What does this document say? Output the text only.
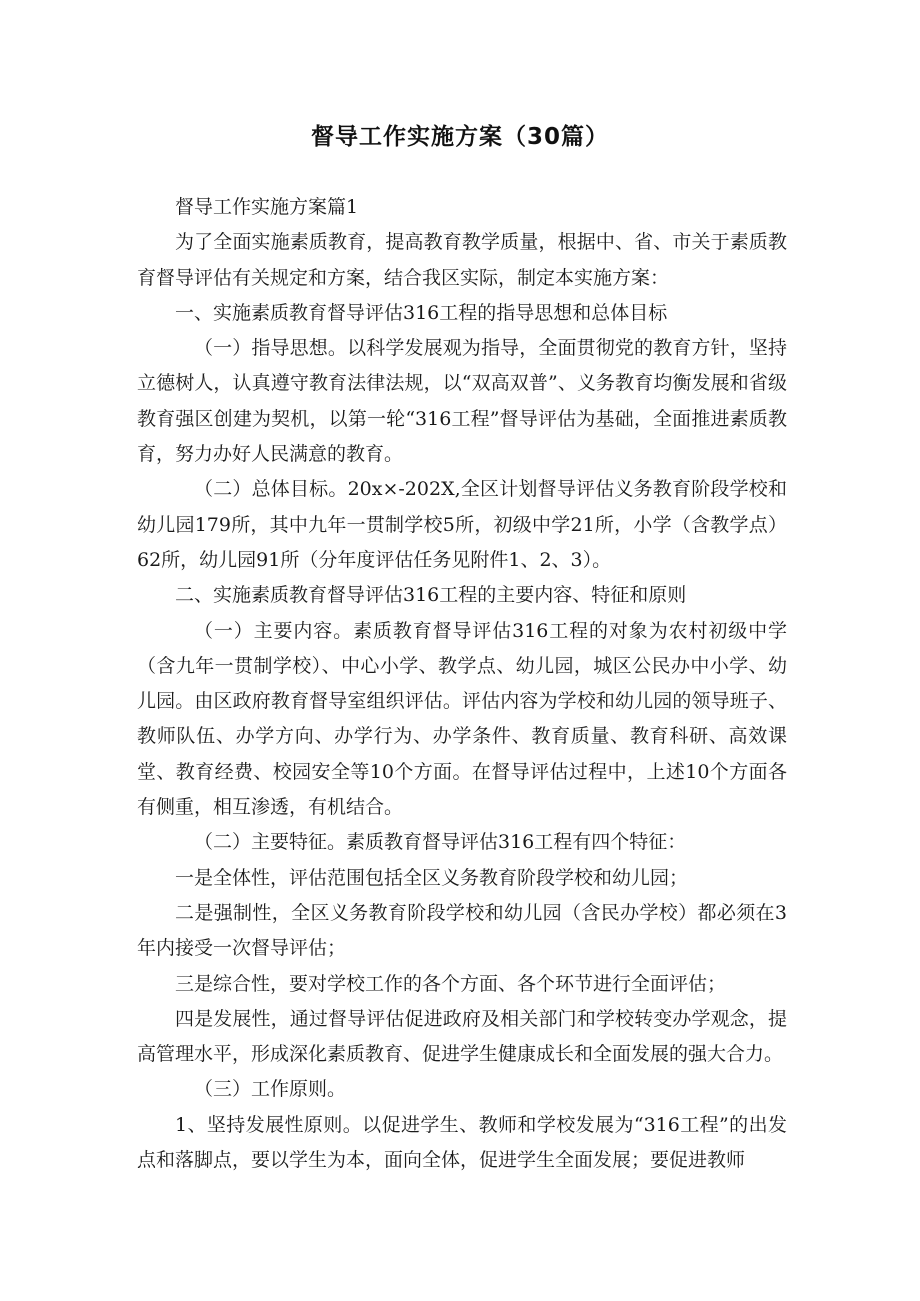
督导工作实施方案（30篇）

督导工作实施方案篇1

为了全面实施素质教育，提高教育教学质量，根据中、省、市关于素质教育督导评估有关规定和方案，结合我区实际，制定本实施方案：

一、实施素质教育督导评估316工程的指导思想和总体目标

（一）指导思想。以科学发展观为指导，全面贯彻党的教育方针，坚持立德树人，认真遵守教育法律法规，以“双高双普”、义务教育均衡发展和省级教育强区创建为契机，以第一轮“316工程”督导评估为基础，全面推进素质教育，努力办好人民满意的教育。

（二）总体目标。20x×-202X,全区计划督导评估义务教育阶段学校和幼儿园179所，其中九年一贯制学校5所，初级中学21所，小学（含教学点）62所，幼儿园91所（分年度评估任务见附件1、2、3）。

二、实施素质教育督导评估316工程的主要内容、特征和原则

（一）主要内容。素质教育督导评估316工程的对象为农村初级中学（含九年一贯制学校）、中心小学、教学点、幼儿园，城区公民办中小学、幼儿园。由区政府教育督导室组织评估。评估内容为学校和幼儿园的领导班子、教师队伍、办学方向、办学行为、办学条件、教育质量、教育科研、高效课堂、教育经费、校园安全等10个方面。在督导评估过程中，上述10个方面各有侧重，相互渗透，有机结合。

（二）主要特征。素质教育督导评估316工程有四个特征：

一是全体性，评估范围包括全区义务教育阶段学校和幼儿园；

二是强制性，全区义务教育阶段学校和幼儿园（含民办学校）都必须在3年内接受一次督导评估；

三是综合性，要对学校工作的各个方面、各个环节进行全面评估；

四是发展性，通过督导评估促进政府及相关部门和学校转变办学观念，提高管理水平，形成深化素质教育、促进学生健康成长和全面发展的强大合力。

（三）工作原则。

1、坚持发展性原则。以促进学生、教师和学校发展为“316工程”的出发点和落脚点，要以学生为本，面向全体，促进学生全面发展；要促进教师
